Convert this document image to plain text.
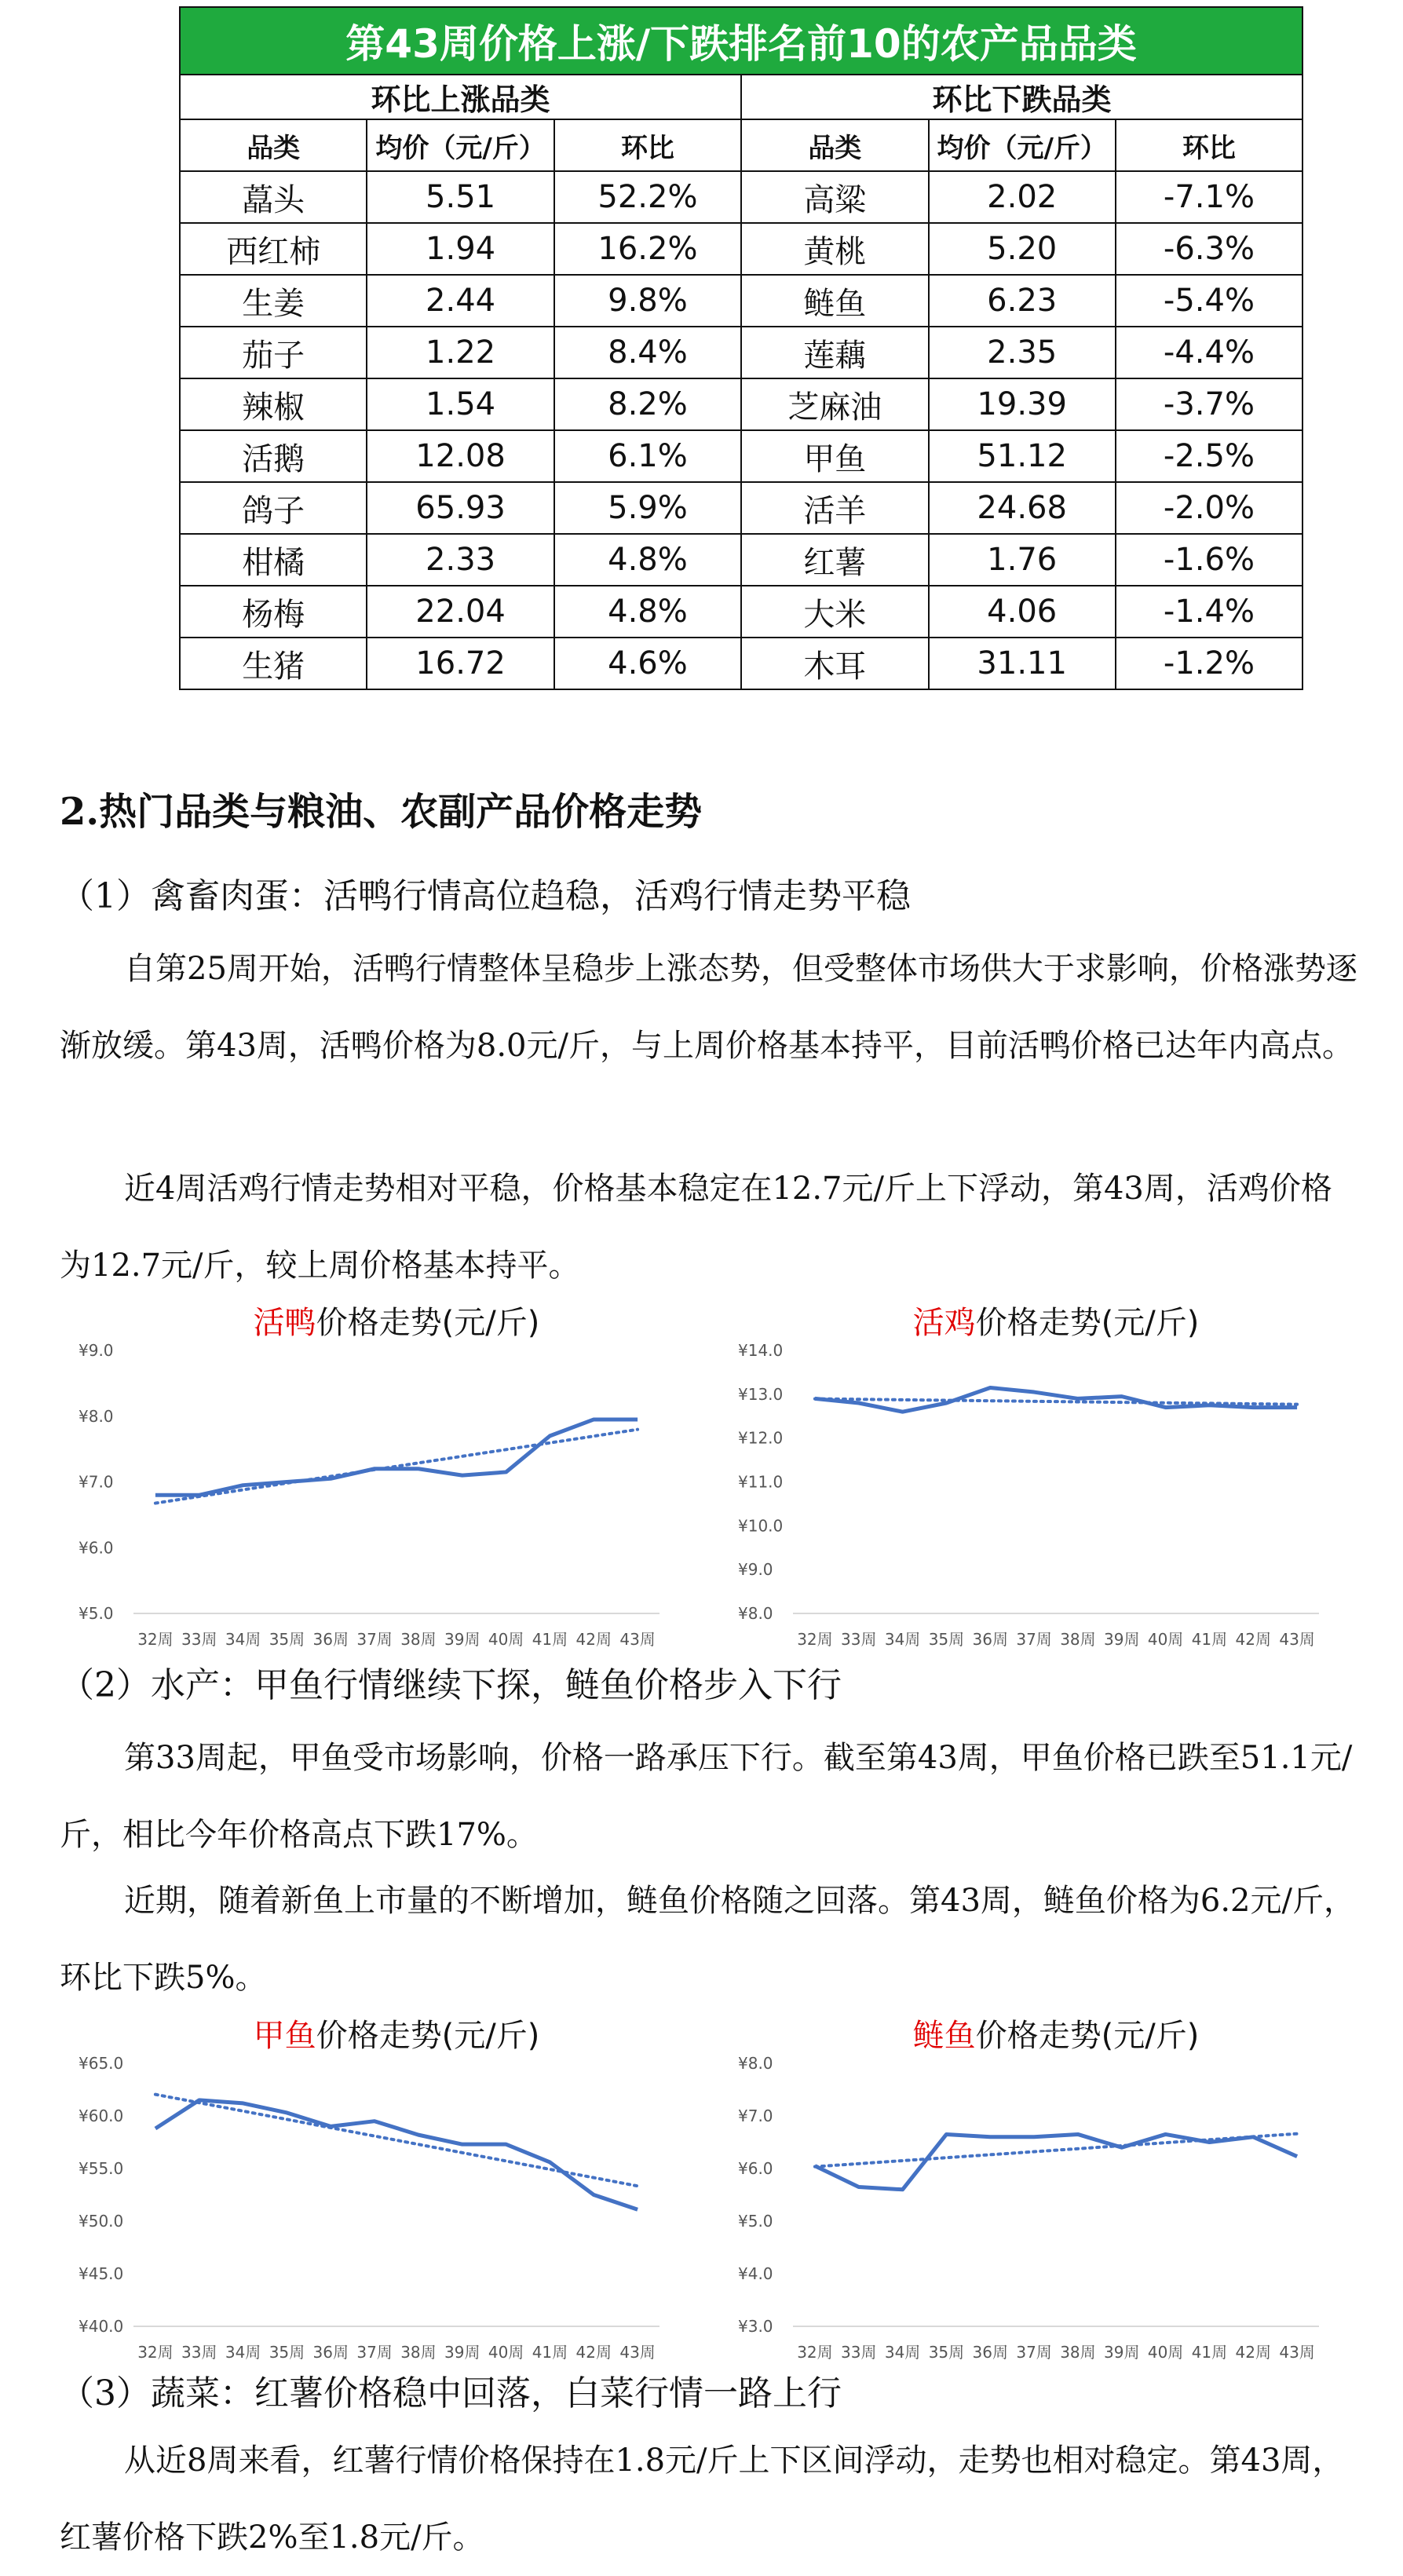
第43周价格上涨/下跌排名前10的农产品品类					
环比上涨品类			环比下跌品类		
品类	均价（元/斤）	环比	品类	均价（元/斤）	环比
藠头	5.51	52.2%	高粱	2.02	-7.1%
西红柿	1.94	16.2%	黄桃	5.20	-6.3%
生姜	2.44	9.8%	鲢鱼	6.23	-5.4%
茄子	1.22	8.4%	莲藕	2.35	-4.4%
辣椒	1.54	8.2%	芝麻油	19.39	-3.7%
活鹅	12.08	6.1%	甲鱼	51.12	-2.5%
鸽子	65.93	5.9%	活羊	24.68	-2.0%
柑橘	2.33	4.8%	红薯	1.76	-1.6%
杨梅	22.04	4.8%	大米	4.06	-1.4%
生猪	16.72	4.6%	木耳	31.11	-1.2%
2.热门品类与粮油、农副产品价格走势
（1）禽畜肉蛋：活鸭行情高位趋稳，活鸡行情走势平稳

自第25周开始，活鸭行情整体呈稳步上涨态势，但受整体市场供大于求影响，价格涨势逐渐放缓。第43周，活鸭价格为8.0元/斤，与上周价格基本持平，目前活鸭价格已达年内高点。

近4周活鸡行情走势相对平稳，价格基本稳定在12.7元/斤上下浮动，第43周，活鸡价格为12.7元/斤，较上周价格基本持平。

活鸭价格走势(元/斤)
¥5.0
¥6.0
¥7.0
¥8.0
¥9.0
32周 33周 34周 35周 36周 37周 38周 39周 40周 41周 42周 43周
活鸡价格走势(元/斤)
¥8.0
¥9.0
¥10.0
¥11.0
¥12.0
¥13.0
¥14.0
32周 33周 34周 35周 36周 37周 38周 39周 40周 41周 42周 43周
（2）水产：甲鱼行情继续下探，鲢鱼价格步入下行

第33周起，甲鱼受市场影响，价格一路承压下行。截至第43周，甲鱼价格已跌至51.1元/斤，相比今年价格高点下跌17%。

近期，随着新鱼上市量的不断增加，鲢鱼价格随之回落。第43周，鲢鱼价格为6.2元/斤，环比下跌5%。

甲鱼价格走势(元/斤)
¥40.0
¥45.0
¥50.0
¥55.0
¥60.0
¥65.0
32周 33周 34周 35周 36周 37周 38周 39周 40周 41周 42周 43周
鲢鱼价格走势(元/斤)
¥3.0
¥4.0
¥5.0
¥6.0
¥7.0
¥8.0
32周 33周 34周 35周 36周 37周 38周 39周 40周 41周 42周 43周
（3）蔬菜：红薯价格稳中回落，白菜行情一路上行

从近8周来看，红薯行情价格保持在1.8元/斤上下区间浮动，走势也相对稳定。第43周，红薯价格下跌2%至1.8元/斤。
